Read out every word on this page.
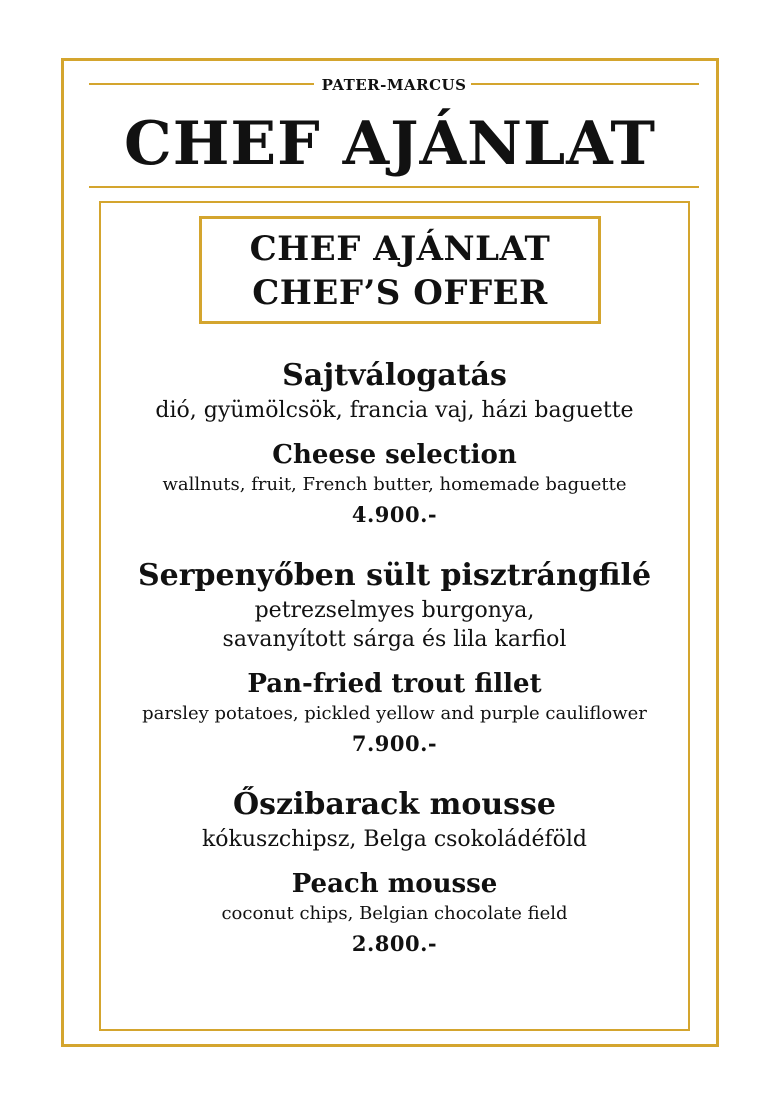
PATER-MARCUS
CHEF AJÁNLAT
CHEF AJÁNLAT
CHEF’S OFFER
Sajtválogatás
dió, gyümölcsök, francia vaj, házi baguette
Cheese selection
wallnuts, fruit, French butter, homemade baguette
4.900.-
Serpenyőben sült pisztrángfilé
petrezselmyes burgonya,
savanyított sárga és lila karfiol
Pan-fried trout fillet
parsley potatoes, pickled yellow and purple cauliflower
7.900.-
Őszibarack mousse
kókuszchipsz, Belga csokoládéföld
Peach mousse
coconut chips, Belgian chocolate field
2.800.-
